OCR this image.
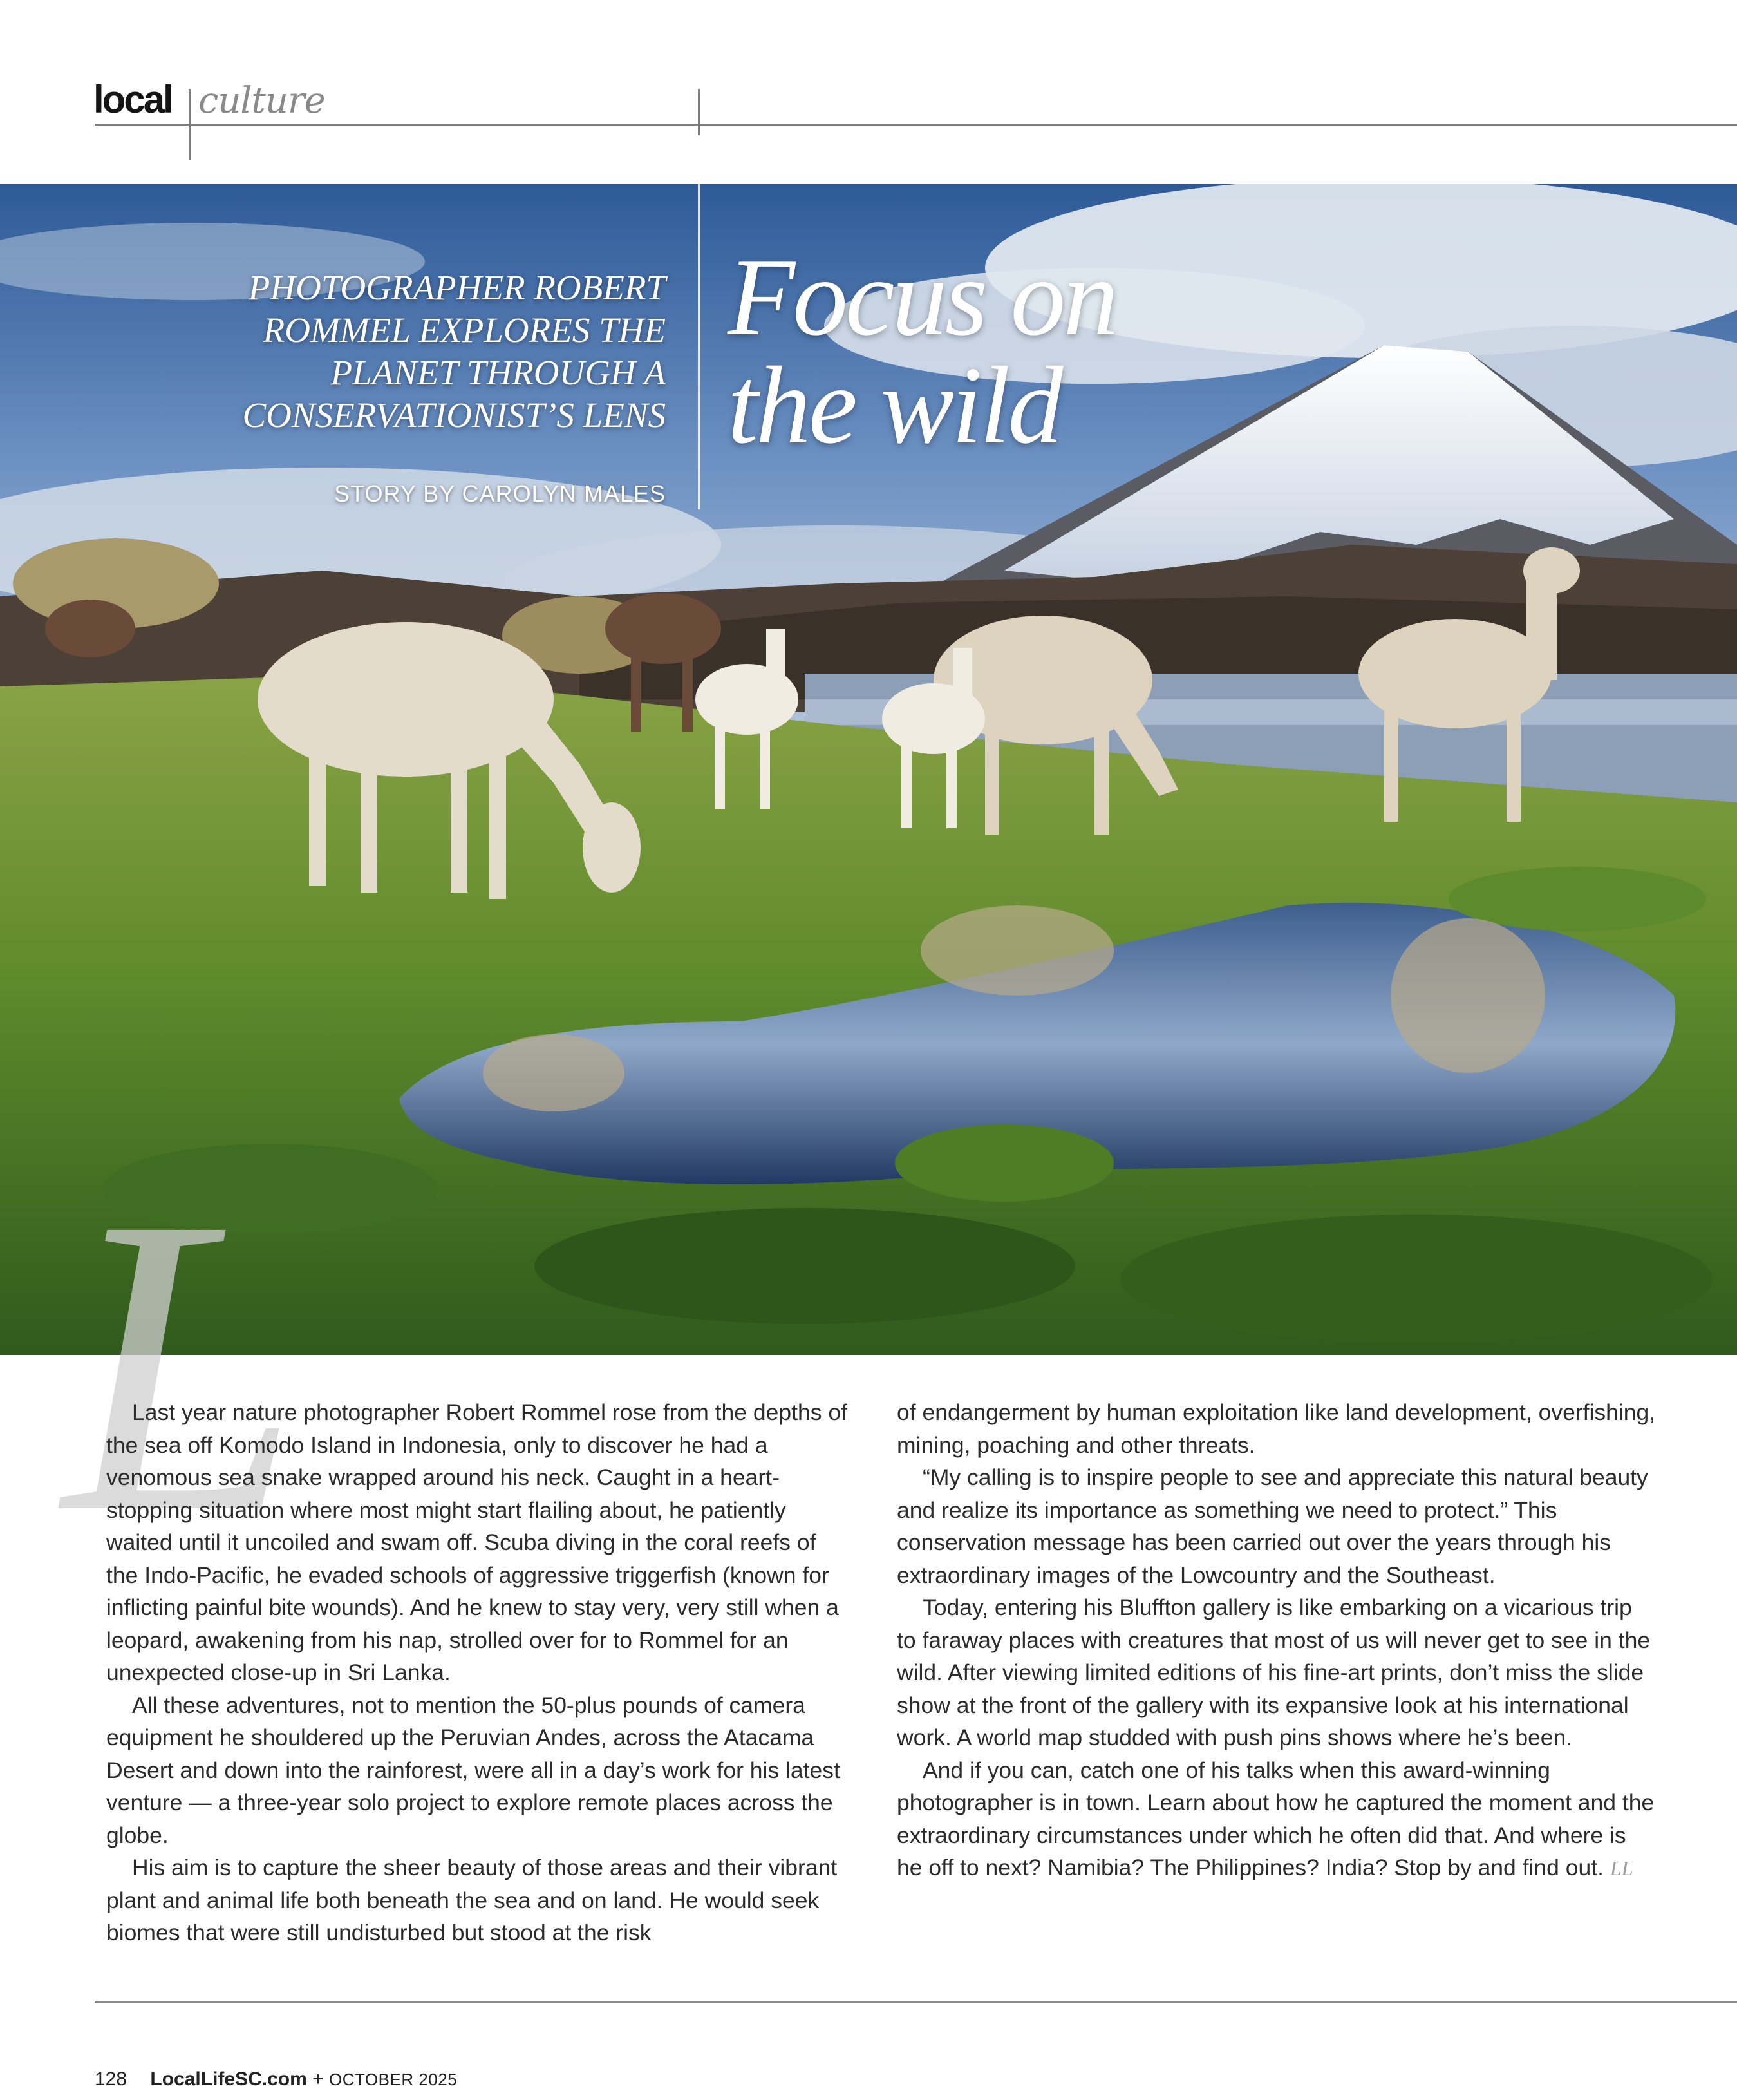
local culture
PHOTOGRAPHER ROBERT ROMMEL EXPLORES THE PLANET THROUGH A CONSERVATIONIST’S LENS
STORY BY CAROLYN MALES
Focus on
the wild
L

Last year nature photographer Robert Rommel rose from the depths of the sea off Komodo Island in Indonesia, only to discover he had a venomous sea snake wrapped around his neck. Caught in a heart-stopping situation where most might start flailing about, he patiently waited until it uncoiled and swam off. Scuba diving in the coral reefs of the Indo-Pacific, he evaded schools of aggressive triggerfish (known for inflicting painful bite wounds). And he knew to stay very, very still when a leopard, awakening from his nap, strolled over for to Rommel for an unexpected close-up in Sri Lanka.

All these adventures, not to mention the 50-plus pounds of camera equipment he shouldered up the Peruvian Andes, across the Atacama Desert and down into the rainforest, were all in a day’s work for his latest venture — a three-year solo project to explore remote places across the globe.

His aim is to capture the sheer beauty of those areas and their vibrant plant and animal life both beneath the sea and on land. He would seek biomes that were still undisturbed but stood at the risk

of endangerment by human exploitation like land development, overfishing, mining, poaching and other threats.

“My calling is to inspire people to see and appreciate this natural beauty and realize its importance as something we need to protect.” This conservation message has been carried out over the years through his extraordinary images of the Lowcountry and the Southeast.

Today, entering his Bluffton gallery is like embarking on a vicarious trip to faraway places with creatures that most of us will never get to see in the wild. After viewing limited editions of his fine-art prints, don’t miss the slide show at the front of the gallery with its expansive look at his international work. A world map studded with push pins shows where he’s been.

And if you can, catch one of his talks when this award-winning photographer is in town. Learn about how he captured the moment and the extraordinary circumstances under which he often did that. And where is he off to next? Namibia? The Philippines? India? Stop by and find out. LL

128 LocalLifeSC.com + OCTOBER 2025
